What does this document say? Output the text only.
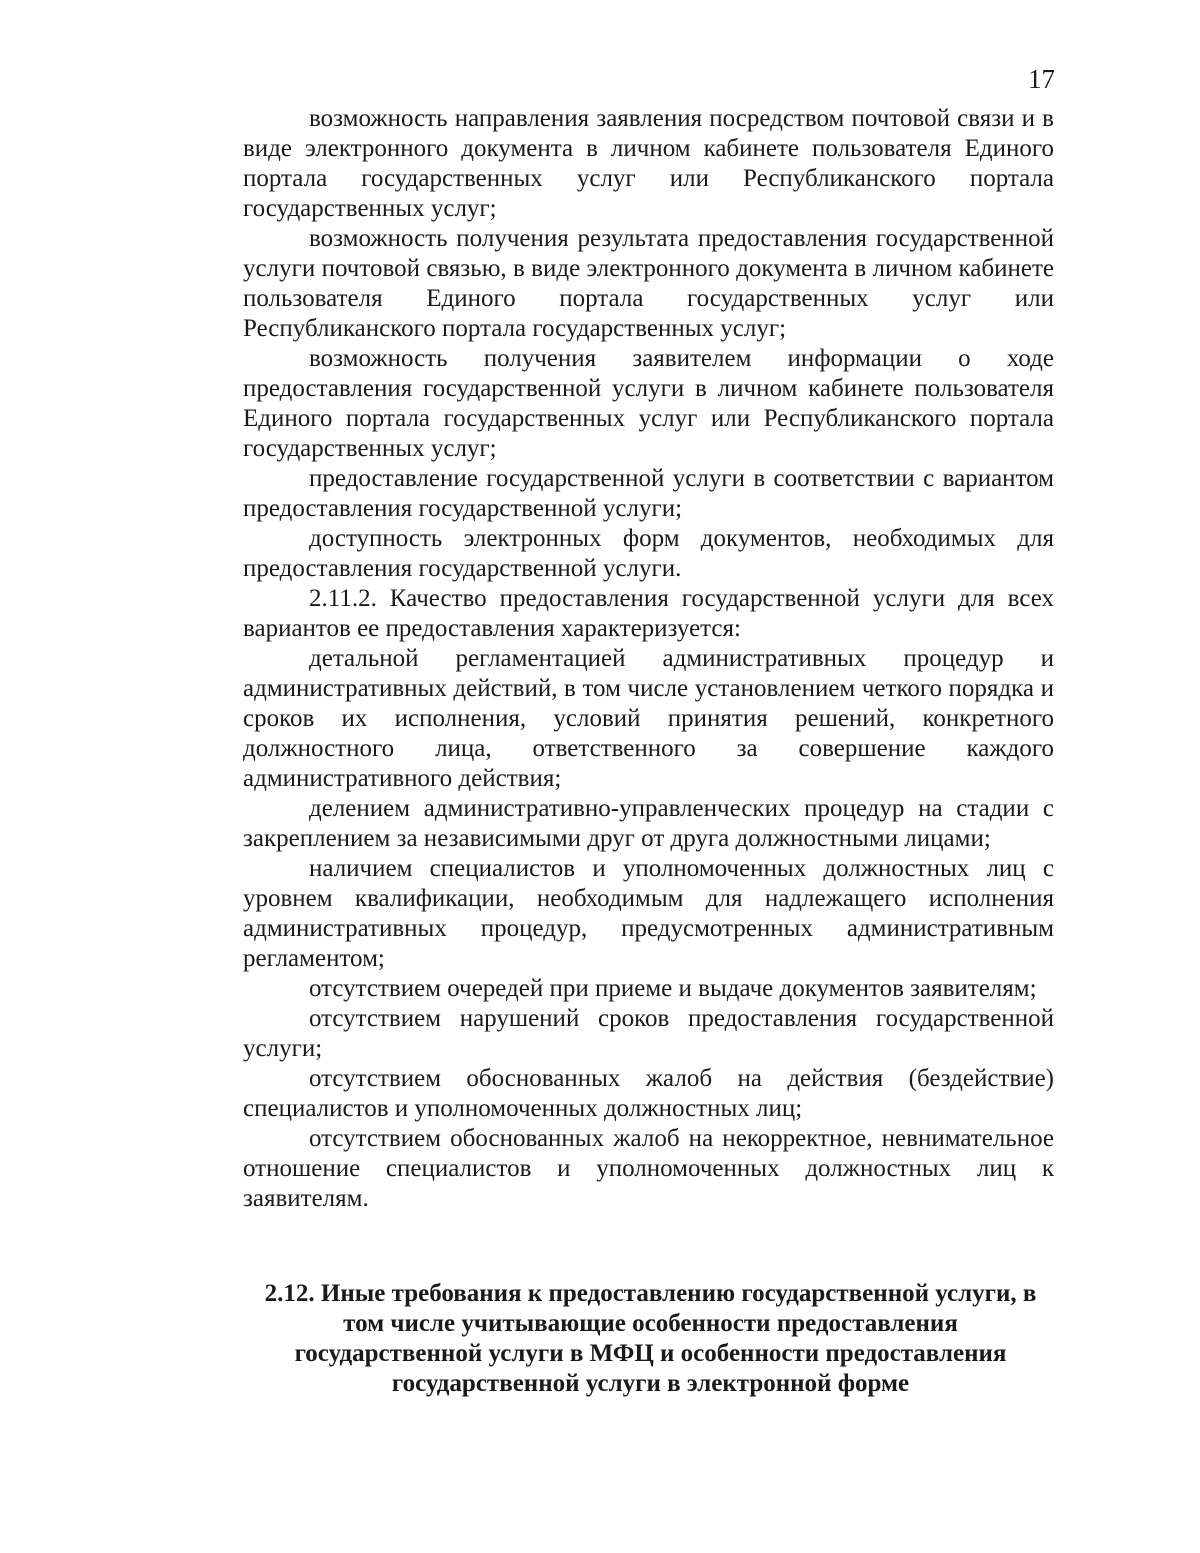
17

возможность направления заявления посредством почтовой связи и в виде электронного документа в личном кабинете пользователя Единого портала государственных услуг или Республиканского портала государственных услуг;

возможность получения результата предоставления государственной услуги почтовой связью, в виде электронного документа в личном кабинете пользователя Единого портала государственных услуг или Республиканского портала государственных услуг;

возможность получения заявителем информации о ходе предоставления государственной услуги в личном кабинете пользователя Единого портала государственных услуг или Республиканского портала государственных услуг;

предоставление государственной услуги в соответствии с вариантом предоставления государственной услуги;

доступность электронных форм документов, необходимых для предоставления государственной услуги.

2.11.2. Качество предоставления государственной услуги для всех вариантов ее предоставления характеризуется:

детальной регламентацией административных процедур и административных действий, в том числе установлением четкого порядка и сроков их исполнения, условий принятия решений, конкретного должностного лица, ответственного за совершение каждого административного действия;

делением административно-управленческих процедур на стадии с закреплением за независимыми друг от друга должностными лицами;

наличием специалистов и уполномоченных должностных лиц с уровнем квалификации, необходимым для надлежащего исполнения административных процедур, предусмотренных административным регламентом;

отсутствием очередей при приеме и выдаче документов заявителям;

отсутствием нарушений сроков предоставления государственной услуги;

отсутствием обоснованных жалоб на действия (бездействие) специалистов и уполномоченных должностных лиц;

отсутствием обоснованных жалоб на некорректное, невнимательное отношение специалистов и уполномоченных должностных лиц к заявителям.

2.12. Иные требования к предоставлению государственной услуги, в
том числе учитывающие особенности предоставления
государственной услуги в МФЦ и особенности предоставления
государственной услуги в электронной форме
